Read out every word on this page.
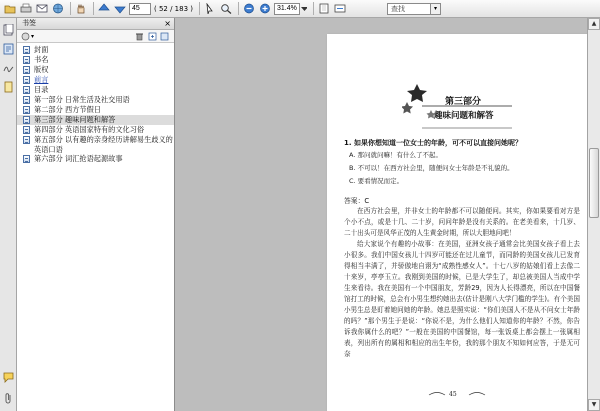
45
( 52 / 183 )
31.4%	查找	▾
书签	×
▾
封面
书名
版权
前言
目录
第一部分 日常生活及社交用语
第二部分 西方节假日
第三部分 趣味问题和解答
第四部分 英语国家特有的文化习俗
第五部分 以有趣的亲身经历讲解易生歧义的英语口语
第六部分 词汇抢语起源故事
第三部分
趣味问题和解答
1. 如果你想知道一位女士的年龄，可不可以直接问她呢？
A. 那问就问嘛！有什么了不起。
B. 不可以！在西方社会里，随便问女士年龄是不礼貌的。
C. 要看情况而定。
答案：C

在西方社会里，并非女士的年龄都不可以随便问。其实，你如果要看对方是个小不点，或是十几、二十岁，问问年龄是没有关系的。在老美看来，十几岁、二十出头可是风华正茂的人生黄金时期，所以大胆地问吧！

给大家说个有趣的小故事：在美国，亚洲女孩子通常会比美国女孩子看上去小很多。我们中国女孩儿十四岁可能还在过儿童节，而同龄的美国女孩儿已发育得相当丰满了，并骄傲地自诩为“成熟性感女人”。十七八岁的姑娘们看上去像二十来岁，亭亭玉立。我刚到美国的时候，已是大学生了，却总被美国人当成中学生来看待。我在美国有一个中国朋友，芳龄29，因为人长得漂亮，所以在中国餐馆打工的时候，总会有小男生想约她出去(估计是刚八大学门槛的学生)。有个美国小男生总是盯着她问她的年龄。她总是照实说：“你们美国人不是从不问女士年龄的吗？”那个男生于是说：“你说不是，为什么他们人知道你的年龄？不然，你告诉我你属什么的吧？”一般在美国的中国餐馆，每一张饭桌上都会摆上一张属相表，列出所有的属相和相应的出生年份，我的那个朋友不知如何应答，于是无可奈

45
▲
▼
